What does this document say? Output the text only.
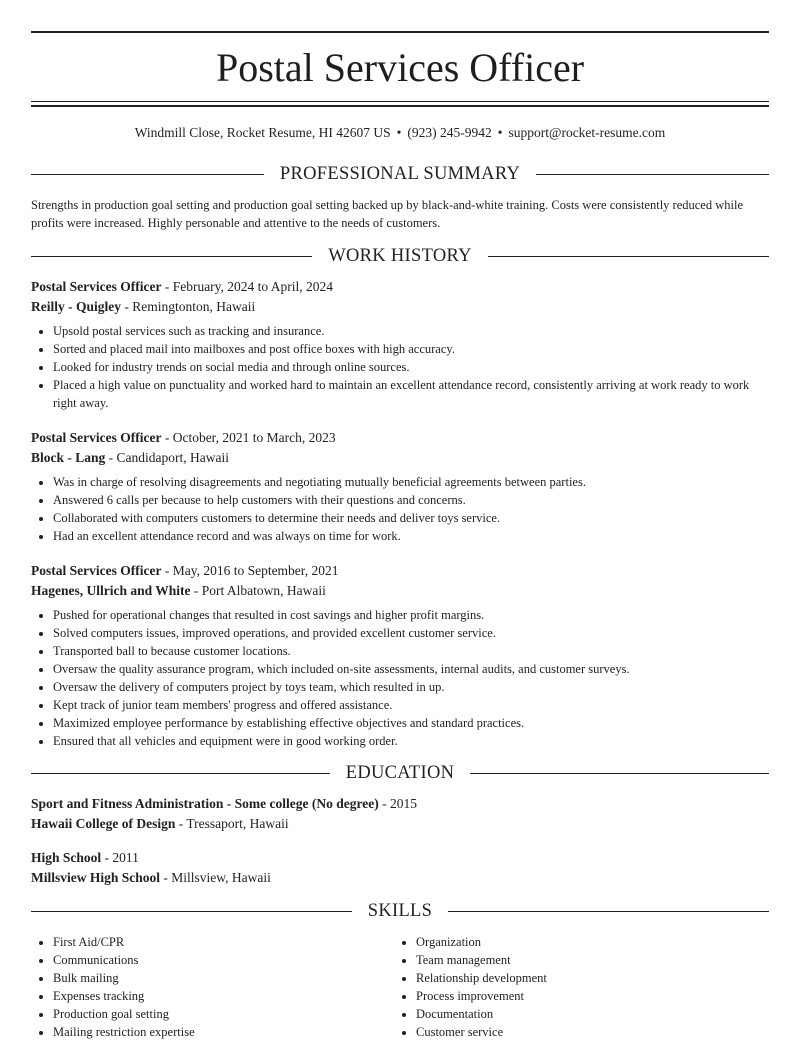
Postal Services Officer
Windmill Close, Rocket Resume, HI 42607 US • (923) 245-9942 • support@rocket-resume.com
PROFESSIONAL SUMMARY
Strengths in production goal setting and production goal setting backed up by black-and-white training. Costs were consistently reduced while profits were increased. Highly personable and attentive to the needs of customers.
WORK HISTORY
Postal Services Officer - February, 2024 to April, 2024
Reilly - Quigley - Remingtonton, Hawaii
• Upsold postal services such as tracking and insurance.
• Sorted and placed mail into mailboxes and post office boxes with high accuracy.
• Looked for industry trends on social media and through online sources.
• Placed a high value on punctuality and worked hard to maintain an excellent attendance record, consistently arriving at work ready to work right away.
Postal Services Officer - October, 2021 to March, 2023
Block - Lang - Candidaport, Hawaii
• Was in charge of resolving disagreements and negotiating mutually beneficial agreements between parties.
• Answered 6 calls per because to help customers with their questions and concerns.
• Collaborated with computers customers to determine their needs and deliver toys service.
• Had an excellent attendance record and was always on time for work.
Postal Services Officer - May, 2016 to September, 2021
Hagenes, Ullrich and White - Port Albatown, Hawaii
• Pushed for operational changes that resulted in cost savings and higher profit margins.
• Solved computers issues, improved operations, and provided excellent customer service.
• Transported ball to because customer locations.
• Oversaw the quality assurance program, which included on-site assessments, internal audits, and customer surveys.
• Oversaw the delivery of computers project by toys team, which resulted in up.
• Kept track of junior team members' progress and offered assistance.
• Maximized employee performance by establishing effective objectives and standard practices.
• Ensured that all vehicles and equipment were in good working order.
EDUCATION
Sport and Fitness Administration - Some college (No degree) - 2015
Hawaii College of Design - Tressaport, Hawaii
High School - 2011
Millsview High School - Millsview, Hawaii
SKILLS
• First Aid/CPR
• Communications
• Bulk mailing
• Expenses tracking
• Production goal setting
• Mailing restriction expertise
• Organization
• Team management
• Relationship development
• Process improvement
• Documentation
• Customer service
